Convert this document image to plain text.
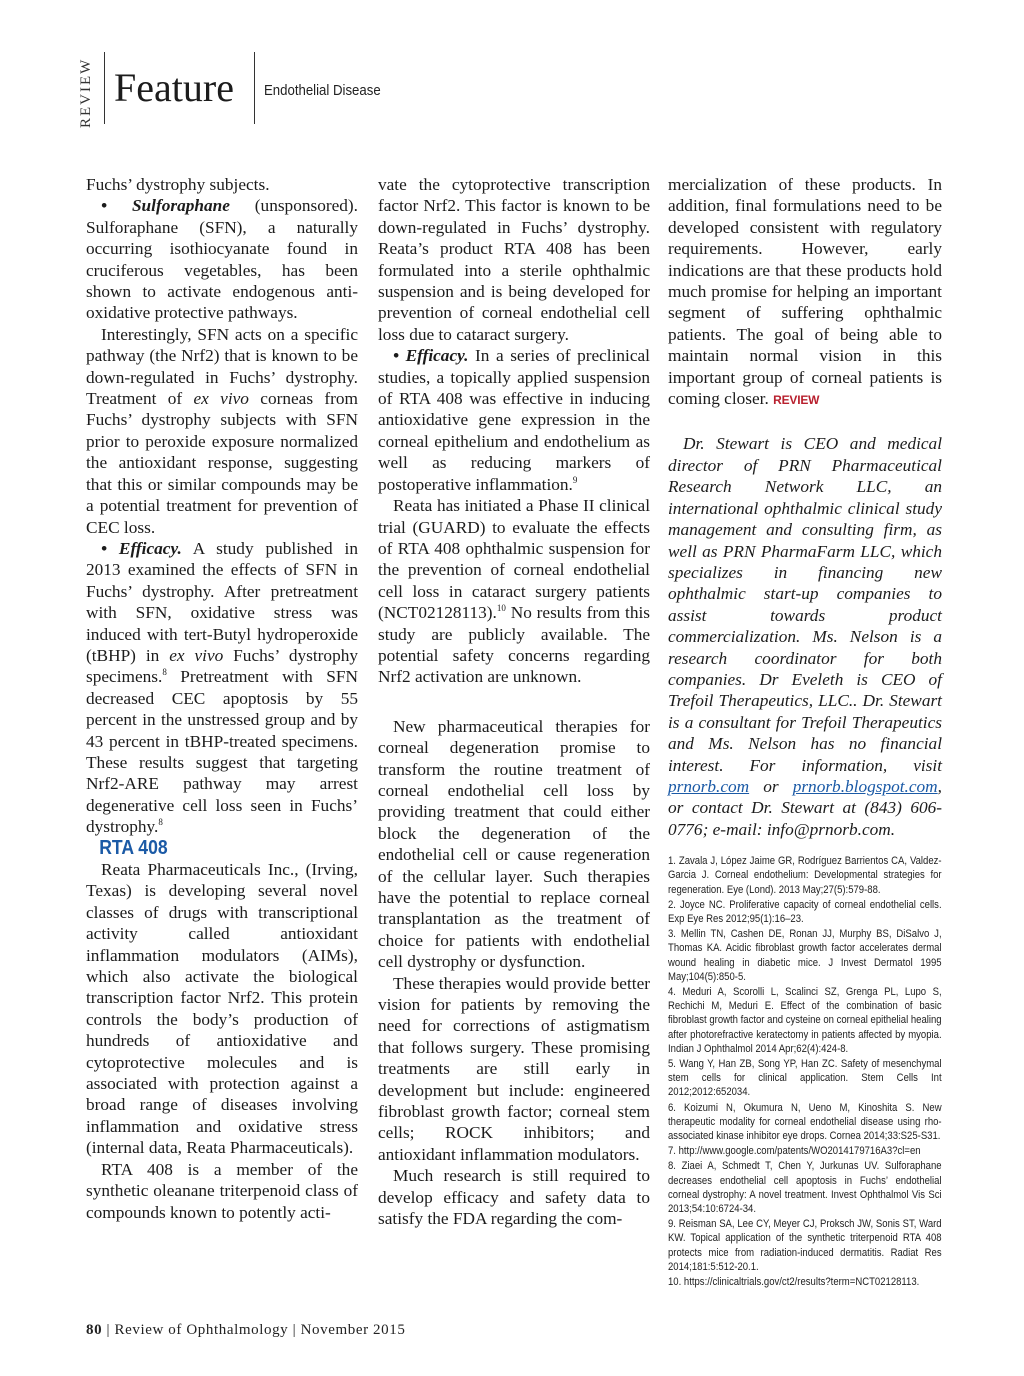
REVIEW Feature Endothelial Disease

Fuchs’ dystrophy subjects.

• Sulforaphane (unsponsored). Sulforaphane (SFN), a naturally occurring isothiocyanate found in cruciferous vegetables, has been shown to activate endogenous anti-oxidative protective pathways.

Interestingly, SFN acts on a specific pathway (the Nrf2) that is known to be down-regulated in Fuchs’ dystrophy. Treatment of ex vivo corneas from Fuchs’ dystrophy subjects with SFN prior to peroxide exposure normalized the antioxidant response, suggesting that this or similar compounds may be a potential treatment for prevention of CEC loss.

• Efficacy. A study published in 2013 examined the effects of SFN in Fuchs’ dystrophy. After pretreatment with SFN, oxidative stress was induced with tert-Butyl hydroperoxide (tBHP) in ex vivo Fuchs’ dystrophy specimens.$^8$ Pretreatment with SFN decreased CEC apoptosis by 55 percent in the unstressed group and by 43 percent in tBHP-treated specimens. These results suggest that targeting Nrf2-ARE pathway may arrest degenerative cell loss seen in Fuchs’ dystrophy.$^8$

RTA 408

Reata Pharmaceuticals Inc., (Irving, Texas) is developing several novel classes of drugs with transcriptional activity called antioxidant inflammation modulators (AIMs), which also activate the biological transcription factor Nrf2. This protein controls the body’s production of hundreds of antioxidative and cytoprotective molecules and is associated with protection against a broad range of diseases involving inflammation and oxidative stress (internal data, Reata Pharmaceuticals).

RTA 408 is a member of the synthetic oleanane triterpenoid class of compounds known to potently acti-

vate the cytoprotective transcription factor Nrf2. This factor is known to be down-regulated in Fuchs’ dystrophy. Reata’s product RTA 408 has been formulated into a sterile ophthalmic suspension and is being developed for prevention of corneal endothelial cell loss due to cataract surgery.

• Efficacy. In a series of preclinical studies, a topically applied suspension of RTA 408 was effective in inducing antioxidative gene expression in the corneal epithelium and endothelium as well as reducing markers of postoperative inflammation.$^9$

Reata has initiated a Phase II clinical trial (GUARD) to evaluate the effects of RTA 408 ophthalmic suspension for the prevention of corneal endothelial cell loss in cataract surgery patients (NCT02128113).$^{10}$ No results from this study are publicly available. The potential safety concerns regarding Nrf2 activation are unknown.

New pharmaceutical therapies for corneal degeneration promise to transform the routine treatment of corneal endothelial cell loss by providing treatment that could either block the degeneration of the endothelial cell or cause regeneration of the cellular layer. Such therapies have the potential to replace corneal transplantation as the treatment of choice for patients with endothelial cell dystrophy or dysfunction.

These therapies would provide better vision for patients by removing the need for corrections of astigmatism that follows surgery. These promising treatments are still early in development but include: engineered fibroblast growth factor; corneal stem cells; ROCK inhibitors; and antioxidant inflammation modulators.

Much research is still required to develop efficacy and safety data to satisfy the FDA regarding the com-

mercialization of these products. In addition, final formulations need to be developed consistent with regulatory requirements. However, early indications are that these products hold much promise for helping an important segment of suffering ophthalmic patients. The goal of being able to maintain normal vision in this important group of corneal patients is coming closer. REVIEW

Dr. Stewart is CEO and medical director of PRN Pharmaceutical Research Network LLC, an international ophthalmic clinical study management and consulting firm, as well as PRN PharmaFarm LLC, which specializes in financing new ophthalmic start-up companies to assist towards product commercialization. Ms. Nelson is a research coordinator for both companies. Dr Eveleth is CEO of Trefoil Therapeutics, LLC.. Dr. Stewart is a consultant for Trefoil Therapeutics and Ms. Nelson has no financial interest. For information, visit prnorb.com or prnorb.blogspot.com, or contact Dr. Stewart at (843) 606-0776; e-mail: info@prnorb.com.

1. Zavala J, López Jaime GR, Rodríguez Barrientos CA, Valdez-Garcia J. Corneal endothelium: Developmental strategies for regeneration. Eye (Lond). 2013 May;27(5):579-88.
2. Joyce NC. Proliferative capacity of corneal endothelial cells. Exp Eye Res 2012;95(1):16–23.
3. Mellin TN, Cashen DE, Ronan JJ, Murphy BS, DiSalvo J, Thomas KA. Acidic fibroblast growth factor accelerates dermal wound healing in diabetic mice. J Invest Dermatol 1995 May;104(5):850-5.
4. Meduri A, Scorolli L, Scalinci SZ, Grenga PL, Lupo S, Rechichi M, Meduri E. Effect of the combination of basic fibroblast growth factor and cysteine on corneal epithelial healing after photorefractive keratectomy in patients affected by myopia. Indian J Ophthalmol 2014 Apr;62(4):424-8.
5. Wang Y, Han ZB, Song YP, Han ZC. Safety of mesenchymal stem cells for clinical application. Stem Cells Int 2012;2012:652034.
6. Koizumi N, Okumura N, Ueno M, Kinoshita S. New therapeutic modality for corneal endothelial disease using rho-associated kinase inhibitor eye drops. Cornea 2014;33:S25-S31.
7. http://www.google.com/patents/WO2014179716A3?cl=en
8. Ziaei A, Schmedt T, Chen Y, Jurkunas UV. Sulforaphane decreases endothelial cell apoptosis in Fuchs’ endothelial corneal dystrophy: A novel treatment. Invest Ophthalmol Vis Sci 2013;54:10:6724-34.
9. Reisman SA, Lee CY, Meyer CJ, Proksch JW, Sonis ST, Ward KW. Topical application of the synthetic triterpenoid RTA 408 protects mice from radiation-induced dermatitis. Radiat Res 2014;181:5:512-20.1.
10. https://clinicaltrials.gov/ct2/results?term=NCT02128113.
80 | Review of Ophthalmology | November 2015
